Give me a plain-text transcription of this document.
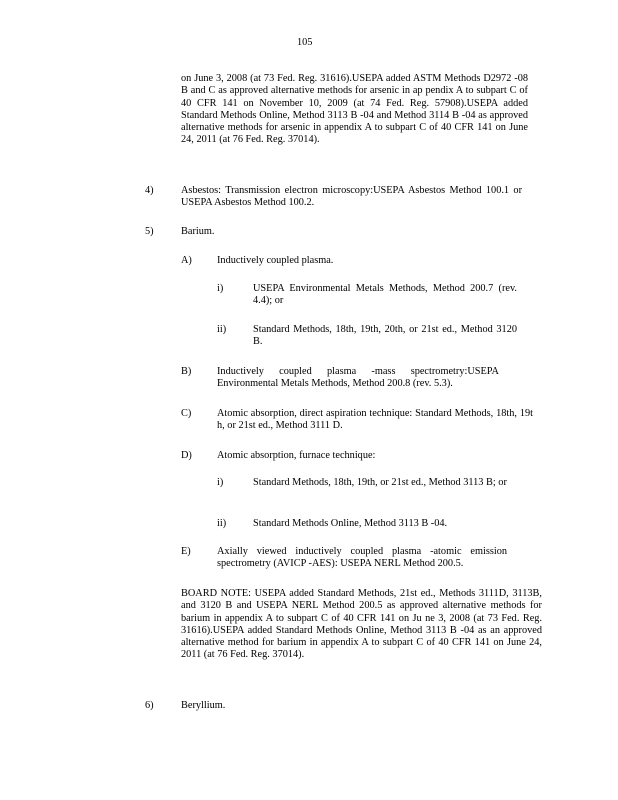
105
on June 3, 2008 (at 73 Fed. Reg. 31616).USEPA added ASTM Methods D2972 -08 B and C as approved alternative methods for arsenic in ap pendix A to subpart C of 40 CFR 141 on November 10, 2009 (at 74 Fed. Reg. 57908).USEPA added Standard Methods Online, Method 3113 B -04 and Method 3114 B -04 as approved alternative methods for arsenic in appendix A to subpart C of 40 CFR 141 on June 24, 2011 (at 76 Fed. Reg. 37014).
4)	Asbestos: Transmission electron microscopy:USEPA Asbestos Method 100.1 or USEPA Asbestos Method 100.2.
5)	Barium.
A) Inductively coupled plasma.
i)	USEPA Environmental Metals Methods, Method 200.7 (rev. 4.4); or
ii)	Standard Methods, 18th, 19th, 20th, or 21st ed., Method 3120 B.
B) Inductively coupled plasma -mass spectrometry:USEPA Environmental Metals Methods, Method 200.8 (rev. 5.3).
C) Atomic absorption, direct aspiration technique: Standard Methods, 18th, 19t h, or 21st ed., Method 3111 D.
D) Atomic absorption, furnace technique:
i)	Standard Methods, 18th, 19th, or 21st ed., Method 3113 B; or
ii)	Standard Methods Online, Method 3113 B -04.
E)	Axially viewed inductively coupled plasma -atomic emission spectrometry (AVICP -AES): USEPA NERL Method 200.5.
BOARD NOTE: USEPA added Standard Methods, 21st ed., Methods 3111D, 3113B, and 3120 B and USEPA NERL Method 200.5 as approved alternative methods for barium in appendix A to subpart C of 40 CFR 141 on Ju ne 3, 2008 (at 73 Fed. Reg. 31616).USEPA added Standard Methods Online, Method 3113 B -04 as an approved alternative method for barium in appendix A to subpart C of 40 CFR 141 on June 24, 2011 (at 76 Fed. Reg. 37014).
6)	Beryllium.
